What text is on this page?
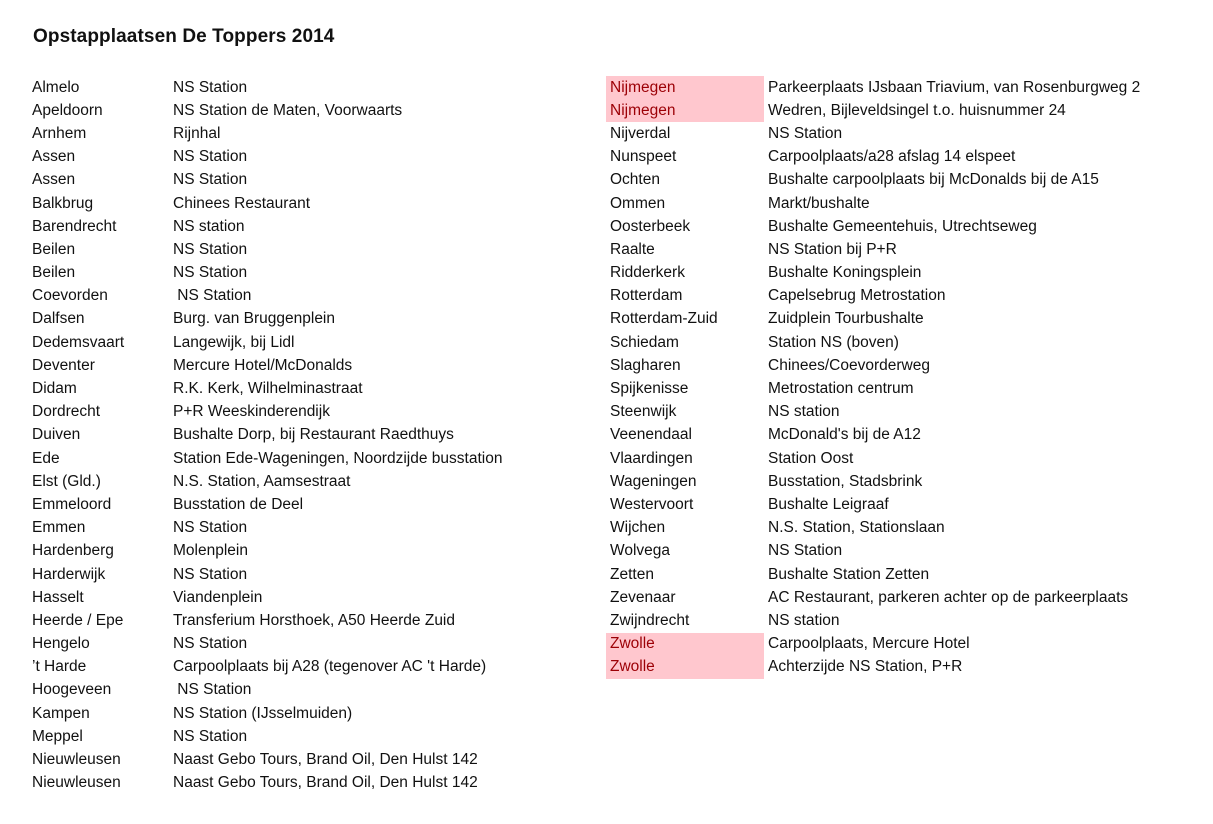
Opstapplaatsen De Toppers 2014
Almelo	NS Station
Apeldoorn	NS Station de Maten, Voorwaarts
Arnhem	Rijnhal
Assen	NS Station
Assen	NS Station
Balkbrug	Chinees Restaurant
Barendrecht	NS station
Beilen	NS Station
Beilen	NS Station
Coevorden	NS Station
Dalfsen	Burg. van Bruggenplein
Dedemsvaart	Langewijk, bij Lidl
Deventer	Mercure Hotel/McDonalds
Didam	R.K. Kerk, Wilhelminastraat
Dordrecht	P+R Weeskinderendijk
Duiven	Bushalte Dorp, bij Restaurant Raedthuys
Ede	Station Ede-Wageningen, Noordzijde busstation
Elst (Gld.)	N.S. Station, Aamsestraat
Emmeloord	Busstation de Deel
Emmen	NS Station
Hardenberg	Molenplein
Harderwijk	NS Station
Hasselt	Viandenplein
Heerde / Epe	Transferium Horsthoek, A50 Heerde Zuid
Hengelo	NS Station
’t Harde	Carpoolplaats bij A28 (tegenover AC 't Harde)
Hoogeveen	NS Station
Kampen	NS Station (IJsselmuiden)
Meppel	NS Station
Nieuwleusen	Naast Gebo Tours, Brand Oil, Den Hulst 142
Nieuwleusen	Naast Gebo Tours, Brand Oil, Den Hulst 142
Nijmegen	Parkeerplaats IJsbaan Triavium, van Rosenburgweg 2
Nijmegen	Wedren, Bijleveldsingel t.o. huisnummer 24
Nijverdal	NS Station
Nunspeet	Carpoolplaats/a28 afslag 14 elspeet
Ochten	Bushalte carpoolplaats bij McDonalds bij de A15
Ommen	Markt/bushalte
Oosterbeek	Bushalte Gemeentehuis, Utrechtseweg
Raalte	NS Station bij P+R
Ridderkerk	Bushalte Koningsplein
Rotterdam	Capelsebrug Metrostation
Rotterdam-Zuid	Zuidplein Tourbushalte
Schiedam	Station NS (boven)
Slagharen	Chinees/Coevorderweg
Spijkenisse	Metrostation centrum
Steenwijk	NS station
Veenendaal	McDonald's bij de A12
Vlaardingen	Station Oost
Wageningen	Busstation, Stadsbrink
Westervoort	Bushalte Leigraaf
Wijchen	N.S. Station, Stationslaan
Wolvega	NS Station
Zetten	Bushalte Station Zetten
Zevenaar	AC Restaurant, parkeren achter op de parkeerplaats
Zwijndrecht	NS station
Zwolle	Carpoolplaats, Mercure Hotel
Zwolle	Achterzijde NS Station, P+R
